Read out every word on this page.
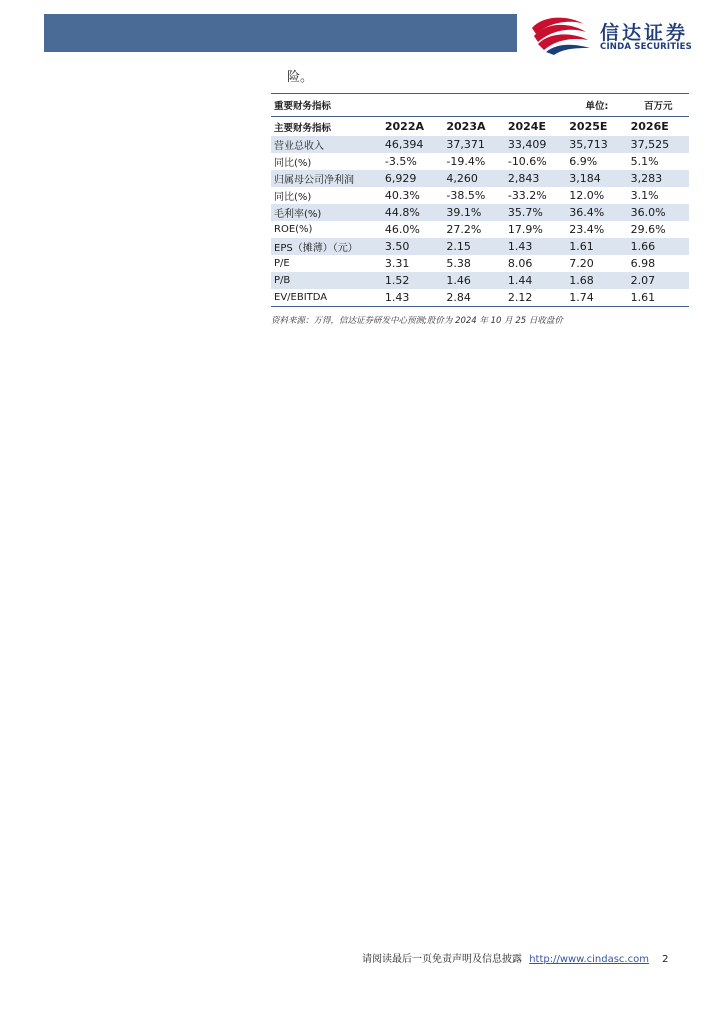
信达证券
CINDA SECURITIES
险。
重要财务指标				单位:	百万元
主要财务指标	2022A	2023A	2024E	2025E	2026E
营业总收入	46,394	37,371	33,409	35,713	37,525
同比(%)	-3.5%	-19.4%	-10.6%	6.9%	5.1%
归属母公司净利润	6,929	4,260	2,843	3,184	3,283
同比(%)	40.3%	-38.5%	-33.2%	12.0%	3.1%
毛利率(%)	44.8%	39.1%	35.7%	36.4%	36.0%
ROE(%)	46.0%	27.2%	17.9%	23.4%	29.6%
EPS（摊薄）（元）	3.50	2.15	1.43	1.61	1.66
P/E	3.31	5.38	8.06	7.20	6.98
P/B	1.52	1.46	1.44	1.68	2.07
EV/EBITDA	1.43	2.84	2.12	1.74	1.61
资料来源：万得，信达证券研发中心预测;股价为 2024 年 10 月 25 日收盘价
请阅读最后一页免责声明及信息披露 http://www.cindasc.com 2
